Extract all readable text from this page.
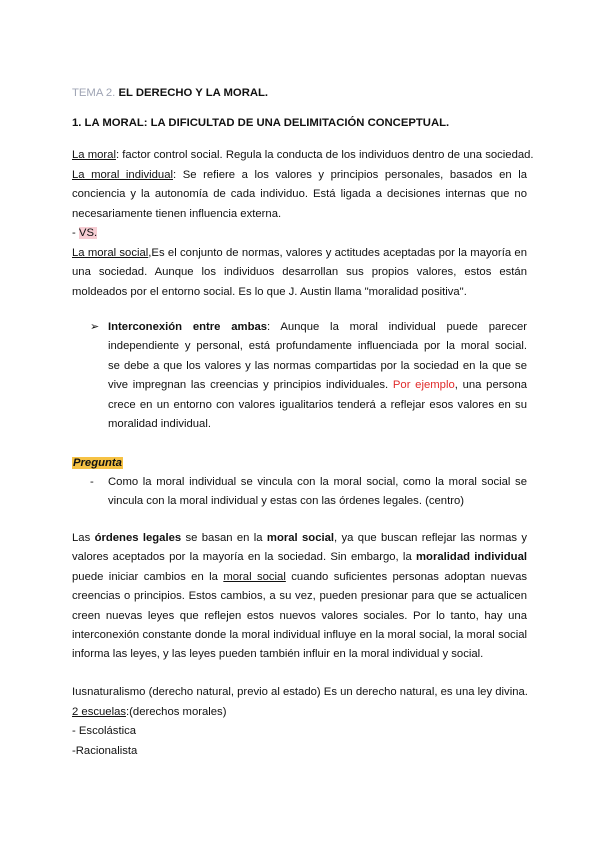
TEMA 2. EL DERECHO Y LA MORAL.
1. LA MORAL: LA DIFICULTAD DE UNA DELIMITACIÓN CONCEPTUAL.
La moral: factor control social. Regula la conducta de los individuos dentro de una sociedad.
La moral individual: Se refiere a los valores y principios personales, basados en la
conciencia y la autonomía de cada individuo. Está ligada a decisiones internas que no
necesariamente tienen influencia externa.
- VS.
La moral social,Es el conjunto de normas, valores y actitudes aceptadas por la mayoría en
una sociedad. Aunque los individuos desarrollan sus propios valores, estos están
moldeados por el entorno social. Es lo que J. Austin llama "moralidad positiva".
➢ Interconexión entre ambas: Aunque la moral individual puede parecer
independiente y personal, está profundamente influenciada por la moral social.
se debe a que los valores y las normas compartidas por la sociedad en la que se
vive impregnan las creencias y principios individuales. Por ejemplo, una persona
crece en un entorno con valores igualitarios tenderá a reflejar esos valores en su
moralidad individual.
Pregunta
- Como la moral individual se vincula con la moral social, como la moral social se
vincula con la moral individual y estas con las órdenes legales. (centro)
Las órdenes legales se basan en la moral social, ya que buscan reflejar las normas y
valores aceptados por la mayoría en la sociedad. Sin embargo, la moralidad individual
puede iniciar cambios en la moral social cuando suficientes personas adoptan nuevas
creencias o principios. Estos cambios, a su vez, pueden presionar para que se actualicen
creen nuevas leyes que reflejen estos nuevos valores sociales. Por lo tanto, hay una
interconexión constante donde la moral individual influye en la moral social, la moral social
informa las leyes, y las leyes pueden también influir en la moral individual y social.
Iusnaturalismo (derecho natural, previo al estado) Es un derecho natural, es una ley divina.
2 escuelas:(derechos morales)
- Escolástica
-Racionalista
